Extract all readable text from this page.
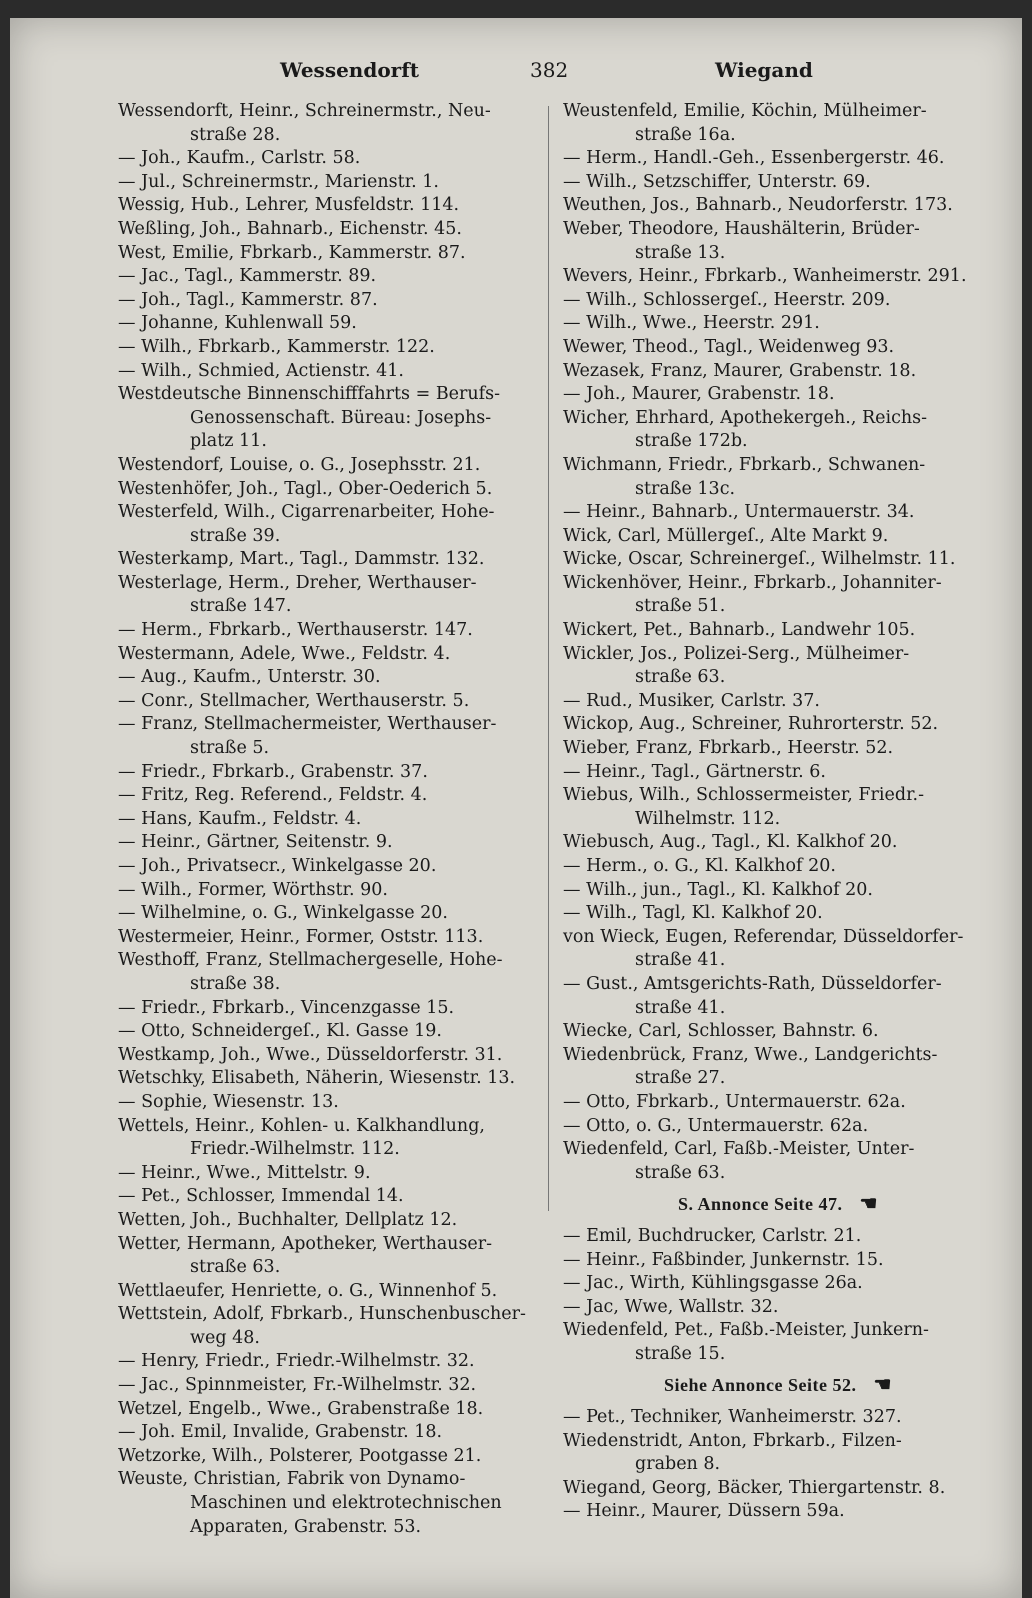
Wessendorft	382	Wiegand
Wessendorft, Heinr., Schreinermstr., Neu-
straße 28.
— Joh., Kaufm., Carlstr. 58.
— Jul., Schreinermstr., Marienstr. 1.
Wessig, Hub., Lehrer, Musfeldstr. 114.
Weßling, Joh., Bahnarb., Eichenstr. 45.
West, Emilie, Fbrkarb., Kammerstr. 87.
— Jac., Tagl., Kammerstr. 89.
— Joh., Tagl., Kammerstr. 87.
— Johanne, Kuhlenwall 59.
— Wilh., Fbrkarb., Kammerstr. 122.
— Wilh., Schmied, Actienstr. 41.
Westdeutsche Binnenschifffahrts = Berufs-
Genossenschaft. Büreau: Josephs-
platz 11.
Westendorf, Louise, o. G., Josephsstr. 21.
Westenhöfer, Joh., Tagl., Ober-Oederich 5.
Westerfeld, Wilh., Cigarrenarbeiter, Hohe-
straße 39.
Westerkamp, Mart., Tagl., Dammstr. 132.
Westerlage, Herm., Dreher, Werthauser-
straße 147.
— Herm., Fbrkarb., Werthauserstr. 147.
Westermann, Adele, Wwe., Feldstr. 4.
— Aug., Kaufm., Unterstr. 30.
— Conr., Stellmacher, Werthauserstr. 5.
— Franz, Stellmachermeister, Werthauser-
straße 5.
— Friedr., Fbrkarb., Grabenstr. 37.
— Fritz, Reg. Referend., Feldstr. 4.
— Hans, Kaufm., Feldstr. 4.
— Heinr., Gärtner, Seitenstr. 9.
— Joh., Privatsecr., Winkelgasse 20.
— Wilh., Former, Wörthstr. 90.
— Wilhelmine, o. G., Winkelgasse 20.
Westermeier, Heinr., Former, Oststr. 113.
Westhoff, Franz, Stellmachergeselle, Hohe-
straße 38.
— Friedr., Fbrkarb., Vincenzgasse 15.
— Otto, Schneidergeſ., Kl. Gasse 19.
Westkamp, Joh., Wwe., Düsseldorferstr. 31.
Wetschky, Elisabeth, Näherin, Wiesenstr. 13.
— Sophie, Wiesenstr. 13.
Wettels, Heinr., Kohlen- u. Kalkhandlung,
Friedr.-Wilhelmstr. 112.
— Heinr., Wwe., Mittelstr. 9.
— Pet., Schlosser, Immendal 14.
Wetten, Joh., Buchhalter, Dellplatz 12.
Wetter, Hermann, Apotheker, Werthauser-
straße 63.
Wettlaeufer, Henriette, o. G., Winnenhof 5.
Wettstein, Adolf, Fbrkarb., Hunschenbuscher-
weg 48.
— Henry, Friedr., Friedr.-Wilhelmstr. 32.
— Jac., Spinnmeister, Fr.-Wilhelmstr. 32.
Wetzel, Engelb., Wwe., Grabenstraße 18.
— Joh. Emil, Invalide, Grabenstr. 18.
Wetzorke, Wilh., Polsterer, Pootgasse 21.
Weuste, Christian, Fabrik von Dynamo-
Maschinen und elektrotechnischen
Apparaten, Grabenstr. 53.
Weustenfeld, Emilie, Köchin, Mülheimer-
straße 16a.
— Herm., Handl.-Geh., Essenbergerstr. 46.
— Wilh., Setzschiffer, Unterstr. 69.
Weuthen, Jos., Bahnarb., Neudorferstr. 173.
Weber, Theodore, Haushälterin, Brüder-
straße 13.
Wevers, Heinr., Fbrkarb., Wanheimerstr. 291.
— Wilh., Schlossergeſ., Heerstr. 209.
— Wilh., Wwe., Heerstr. 291.
Wewer, Theod., Tagl., Weidenweg 93.
Wezasek, Franz, Maurer, Grabenstr. 18.
— Joh., Maurer, Grabenstr. 18.
Wicher, Ehrhard, Apothekergeh., Reichs-
straße 172b.
Wichmann, Friedr., Fbrkarb., Schwanen-
straße 13c.
— Heinr., Bahnarb., Untermauerstr. 34.
Wick, Carl, Müllergeſ., Alte Markt 9.
Wicke, Oscar, Schreinergeſ., Wilhelmstr. 11.
Wickenhöver, Heinr., Fbrkarb., Johanniter-
straße 51.
Wickert, Pet., Bahnarb., Landwehr 105.
Wickler, Jos., Polizei-Serg., Mülheimer-
straße 63.
— Rud., Musiker, Carlstr. 37.
Wickop, Aug., Schreiner, Ruhrorterstr. 52.
Wieber, Franz, Fbrkarb., Heerstr. 52.
— Heinr., Tagl., Gärtnerstr. 6.
Wiebus, Wilh., Schlossermeister, Friedr.-
Wilhelmstr. 112.
Wiebusch, Aug., Tagl., Kl. Kalkhof 20.
— Herm., o. G., Kl. Kalkhof 20.
— Wilh., jun., Tagl., Kl. Kalkhof 20.
— Wilh., Tagl, Kl. Kalkhof 20.
von Wieck, Eugen, Referendar, Düsseldorfer-
straße 41.
— Gust., Amtsgerichts-Rath, Düsseldorfer-
straße 41.
Wiecke, Carl, Schlosser, Bahnstr. 6.
Wiedenbrück, Franz, Wwe., Landgerichts-
straße 27.
— Otto, Fbrkarb., Untermauerstr. 62a.
— Otto, o. G., Untermauerstr. 62a.
Wiedenfeld, Carl, Faßb.-Meister, Unter-
straße 63.
S. Annonce Seite 47. ☚
— Emil, Buchdrucker, Carlstr. 21.
— Heinr., Faßbinder, Junkernstr. 15.
— Jac., Wirth, Kühlingsgasse 26a.
— Jac, Wwe, Wallstr. 32.
Wiedenfeld, Pet., Faßb.-Meister, Junkern-
straße 15.
Siehe Annonce Seite 52. ☚
— Pet., Techniker, Wanheimerstr. 327.
Wiedenstridt, Anton, Fbrkarb., Filzen-
graben 8.
Wiegand, Georg, Bäcker, Thiergartenstr. 8.
— Heinr., Maurer, Düssern 59a.
